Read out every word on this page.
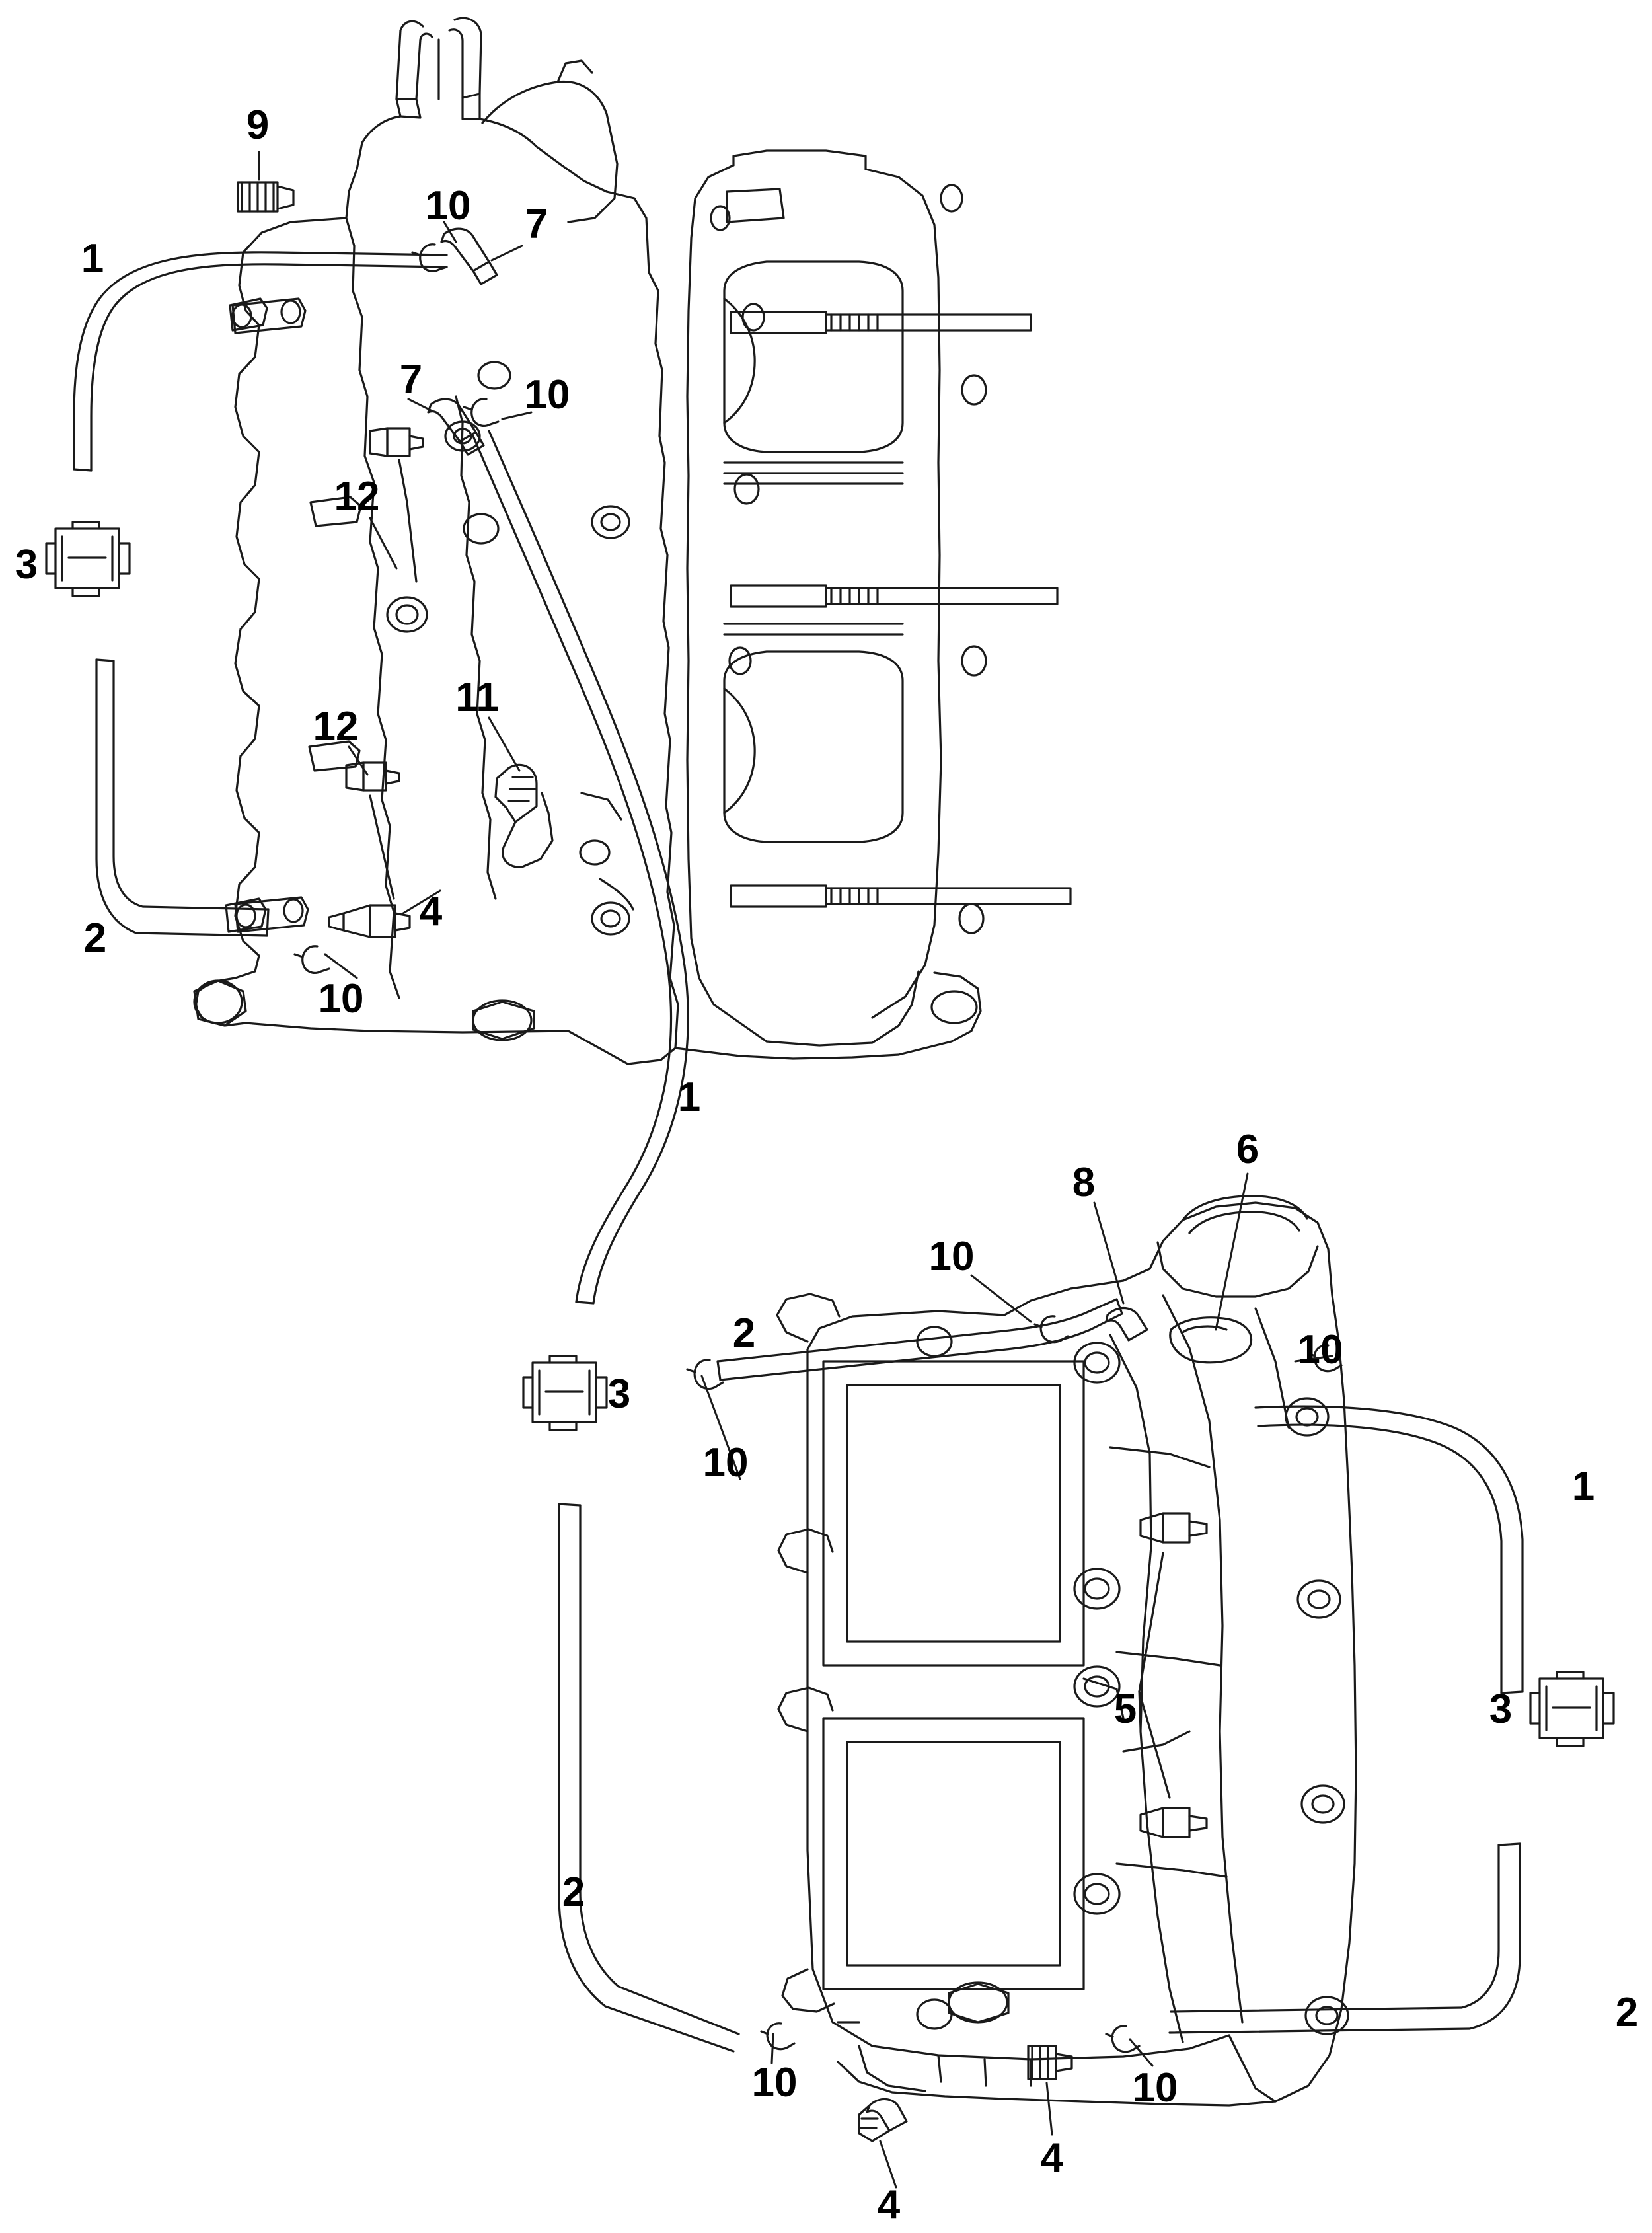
9
10 7
1
7 10
3
12
12
11
4
2
10
1
8
6
10
2	10
3
10
1
5	3
2
2
10	10
4
4
